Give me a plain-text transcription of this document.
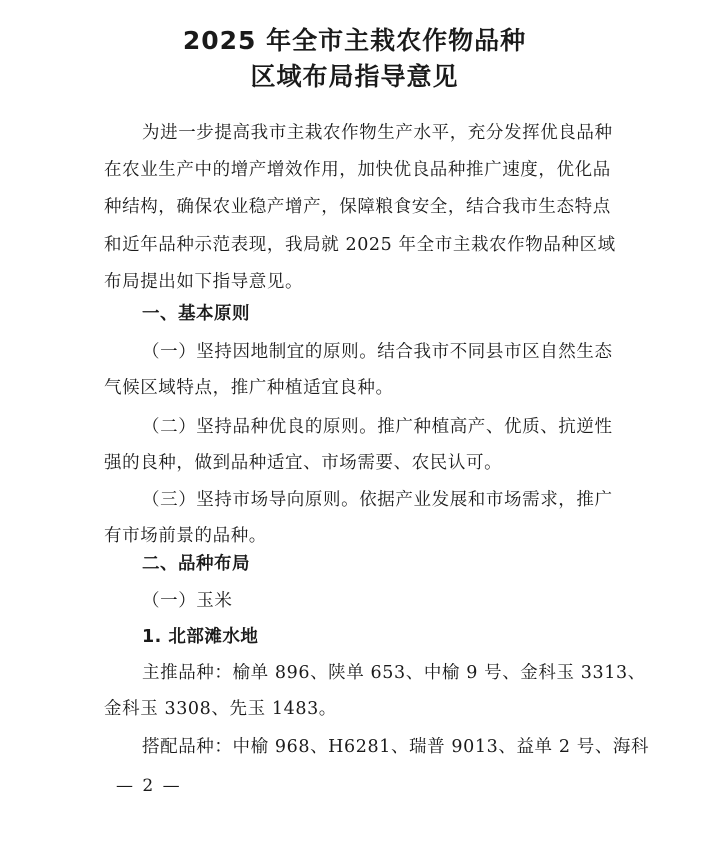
2025 年全市主栽农作物品种
区域布局指导意见
为进一步提高我市主栽农作物生产水平，充分发挥优良品种
在农业生产中的增产增效作用，加快优良品种推广速度，优化品
种结构，确保农业稳产增产，保障粮食安全，结合我市生态特点
和近年品种示范表现，我局就 2025 年全市主栽农作物品种区域
布局提出如下指导意见。
一、基本原则
（一）坚持因地制宜的原则。结合我市不同县市区自然生态
气候区域特点，推广种植适宜良种。
（二）坚持品种优良的原则。推广种植高产、优质、抗逆性
强的良种，做到品种适宜、市场需要、农民认可。
（三）坚持市场导向原则。依据产业发展和市场需求，推广
有市场前景的品种。
二、品种布局
（一）玉米
1. 北部滩水地
主推品种：榆单 896、陕单 653、中榆 9 号、金科玉 3313、
金科玉 3308、先玉 1483。
搭配品种：中榆 968、H6281、瑞普 9013、益单 2 号、海科
— 2 —
